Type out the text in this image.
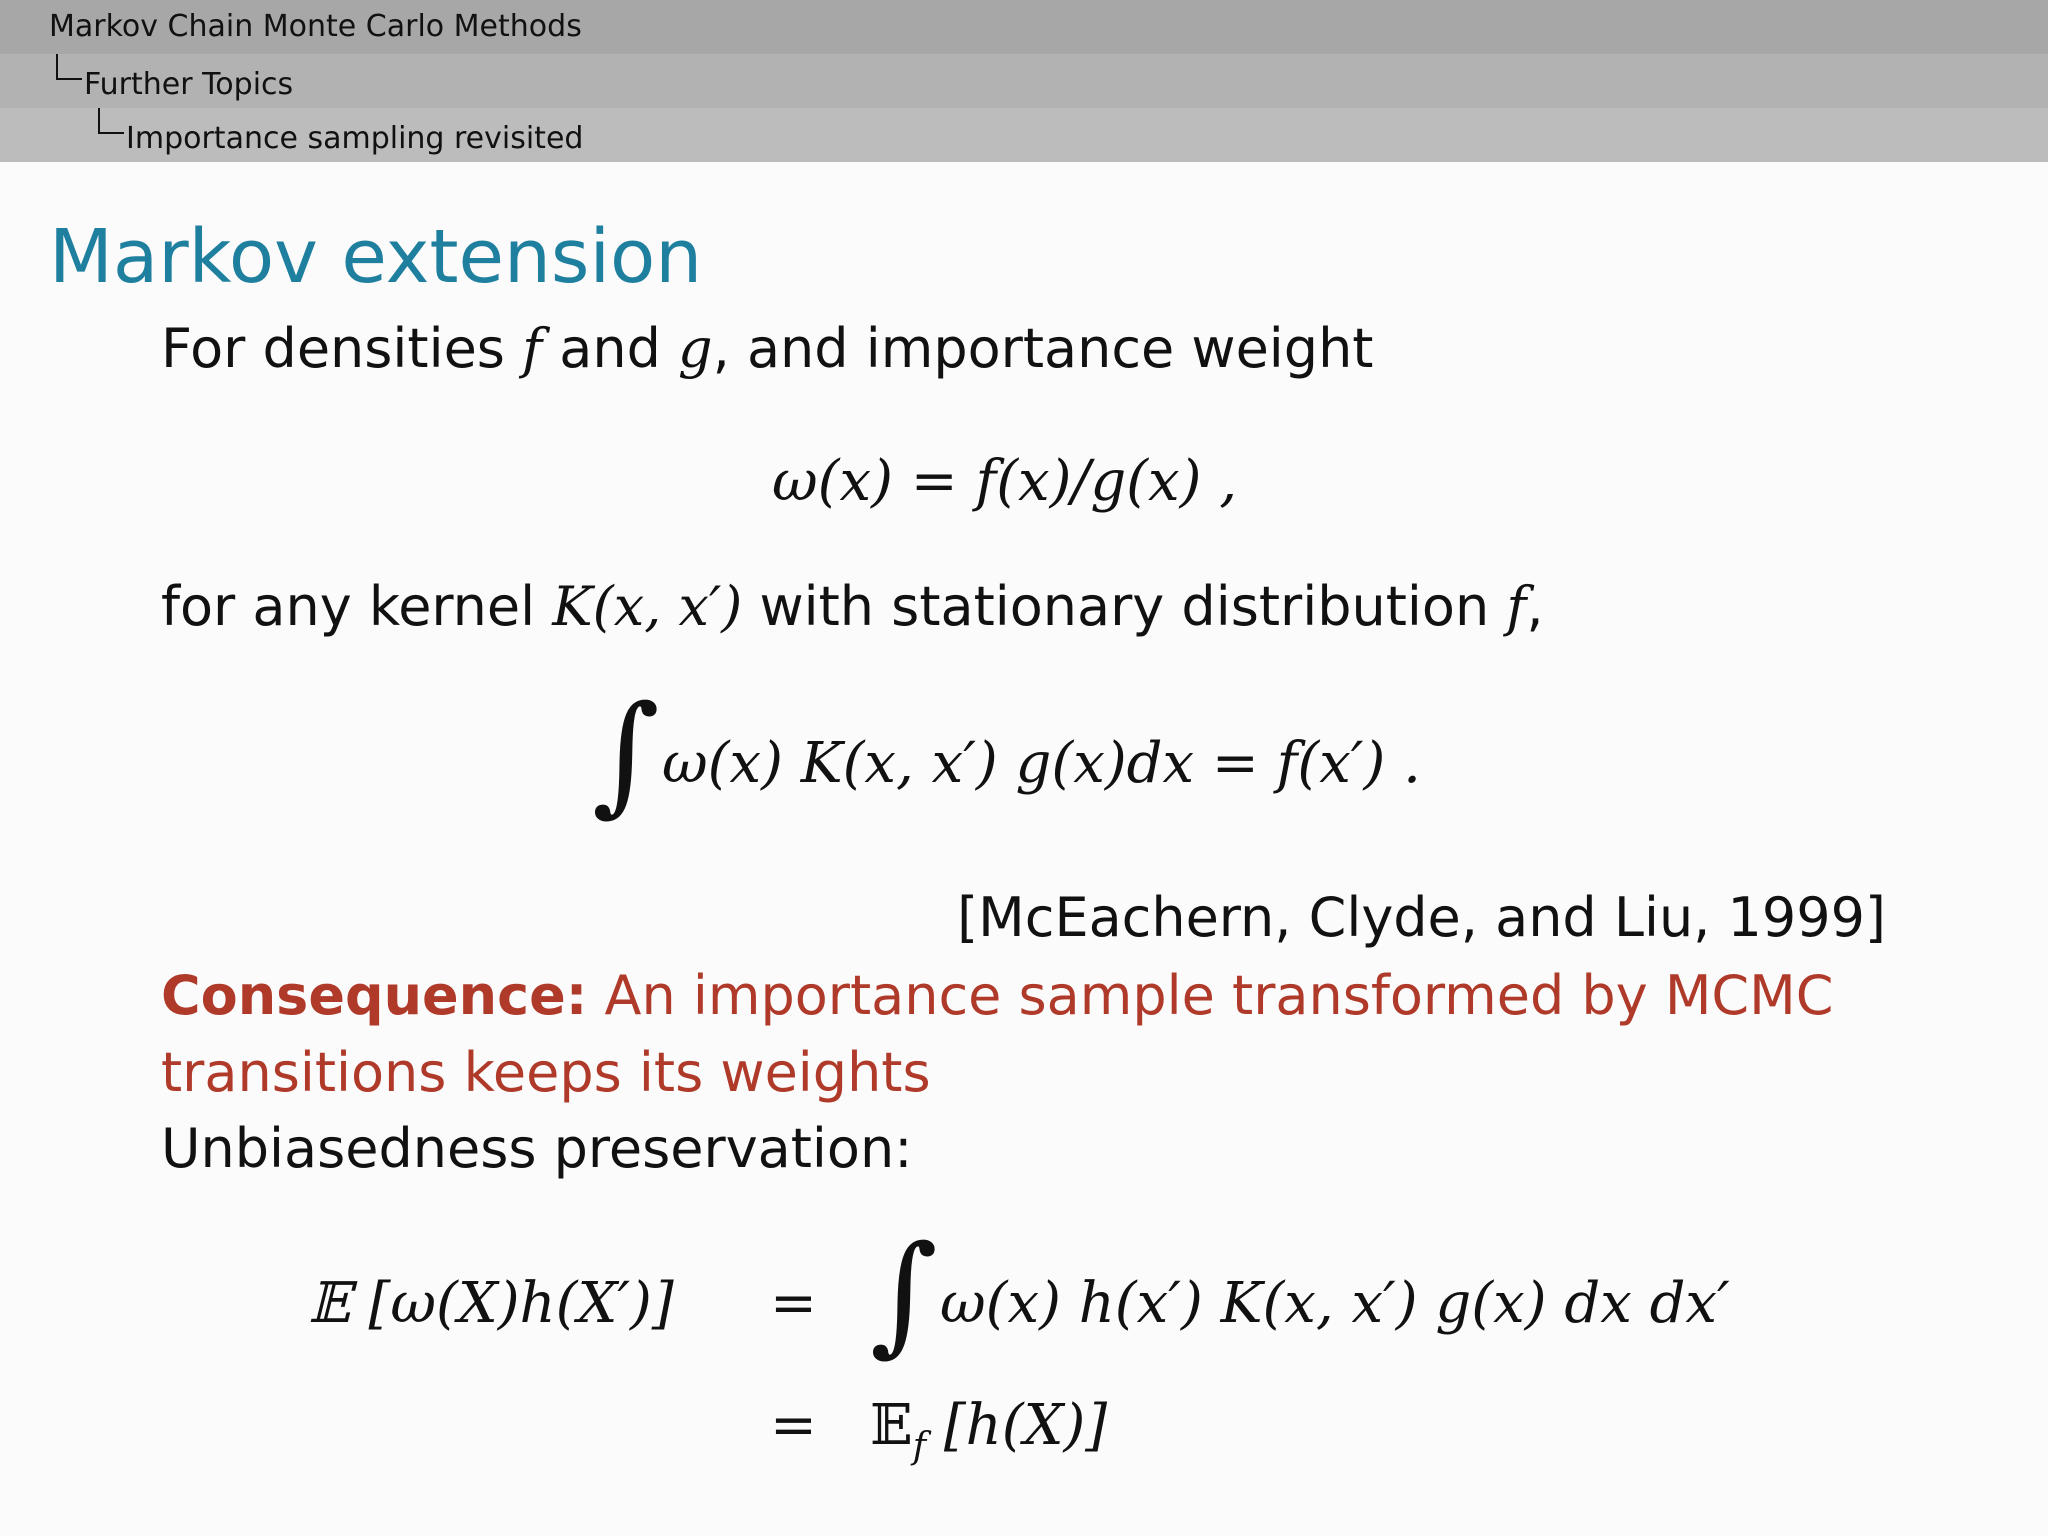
Markov Chain Monte Carlo Methods
Further Topics
Importance sampling revisited
Markov extension
For densities f and g, and importance weight
ω(x) = f(x)/g(x) ,
for any kernel K(x, x′) with stationary distribution f,
∫ ω(x) K(x, x′) g(x)dx = f(x′) .
[McEachern, Clyde, and Liu, 1999]
Consequence: An importance sample transformed by MCMC
transitions keeps its weights
Unbiasedness preservation:
𝔼 [ω(X)h(X′)] = ∫ ω(x) h(x′) K(x, x′) g(x) dx dx′
= 𝔼$_f$ [h(X)]
